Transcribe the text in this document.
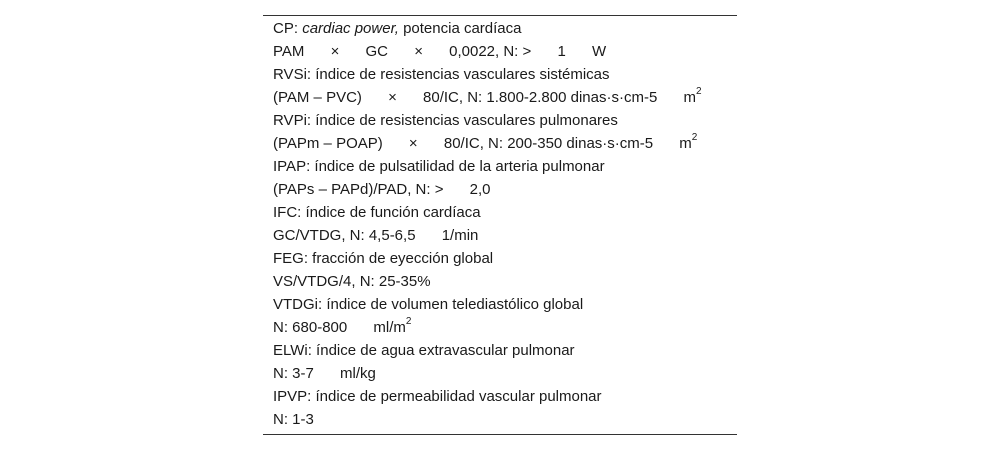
CP: cardiac power, potencia cardíaca
PAM × GC × 0,0022, N: > 1 W
RVSi: índice de resistencias vasculares sistémicas
(PAM – PVC) × 80/IC, N: 1.800-2.800 dinas·s·cm-5 $m^2$
RVPi: índice de resistencias vasculares pulmonares
(PAPm – POAP) × 80/IC, N: 200-350 dinas·s·cm-5 $m^2$
IPAP: índice de pulsatilidad de la arteria pulmonar
(PAPs – PAPd)/PAD, N: > 2,0
IFC: índice de función cardíaca
GC/VTDG, N: 4,5-6,5 1/min
FEG: fracción de eyección global
VS/VTDG/4, N: 25-35%
VTDGi: índice de volumen telediastólico global
N: 680-800 $ml/m^2$
ELWi: índice de agua extravascular pulmonar
N: 3-7 ml/kg
IPVP: índice de permeabilidad vascular pulmonar
N: 1-3
